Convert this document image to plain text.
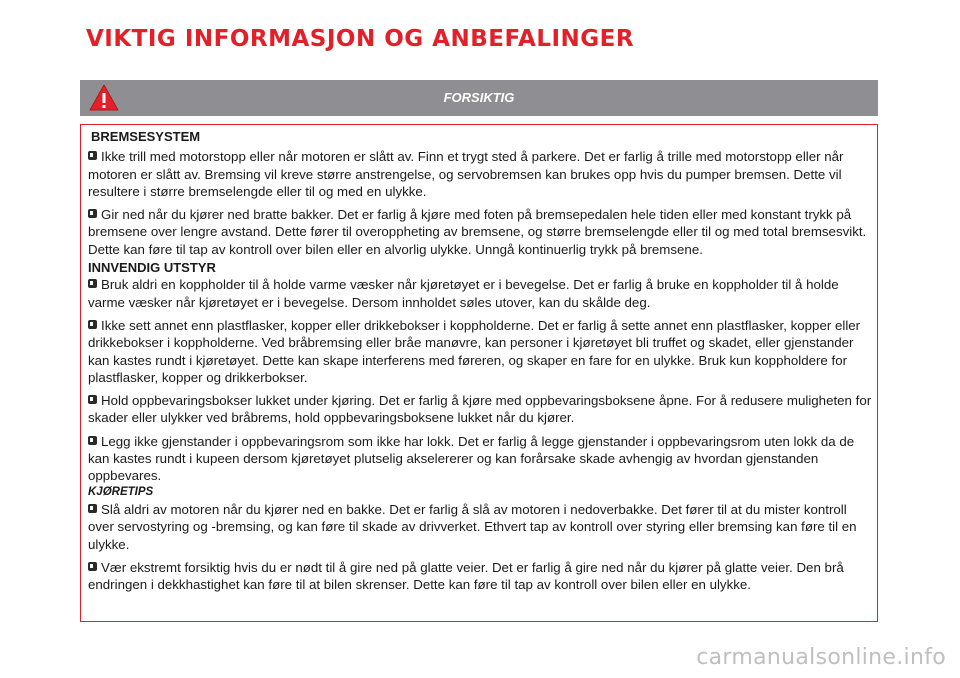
VIKTIG INFORMASJON OG ANBEFALINGER
FORSIKTIG

BREMSESYSTEM

Ikke trill med motorstopp eller når motoren er slått av. Finn et trygt sted å parkere. Det er farlig å trille med motorstopp eller når motoren er slått av. Bremsing vil kreve større anstrengelse, og servobremsen kan brukes opp hvis du pumper bremsen. Dette vil resultere i større bremselengde eller til og med en ulykke.

Gir ned når du kjører ned bratte bakker. Det er farlig å kjøre med foten på bremsepedalen hele tiden eller med konstant trykk på bremsene over lengre avstand. Dette fører til overoppheting av bremsene, og større bremselengde eller til og med total bremsesvikt. Dette kan føre til tap av kontroll over bilen eller en alvorlig ulykke. Unngå kontinuerlig trykk på bremsene.

INNVENDIG UTSTYR

Bruk aldri en koppholder til å holde varme væsker når kjøretøyet er i bevegelse. Det er farlig å bruke en koppholder til å holde varme væsker når kjøretøyet er i bevegelse. Dersom innholdet søles utover, kan du skålde deg.

Ikke sett annet enn plastflasker, kopper eller drikkebokser i koppholderne. Det er farlig å sette annet enn plastflasker, kopper eller drikkebokser i koppholderne. Ved bråbremsing eller bråe manøvre, kan personer i kjøretøyet bli truffet og skadet, eller gjenstander kan kastes rundt i kjøretøyet. Dette kan skape interferens med føreren, og skaper en fare for en ulykke. Bruk kun koppholdere for plastflasker, kopper og drikkerbokser.

Hold oppbevaringsbokser lukket under kjøring. Det er farlig å kjøre med oppbevaringsboksene åpne. For å redusere muligheten for skader eller ulykker ved bråbrems, hold oppbevaringsboksene lukket når du kjører.

Legg ikke gjenstander i oppbevaringsrom som ikke har lokk. Det er farlig å legge gjenstander i oppbevaringsrom uten lokk da de kan kastes rundt i kupeen dersom kjøretøyet plutselig akselererer og kan forårsake skade avhengig av hvordan gjenstanden oppbevares.

KJØRETIPS

Slå aldri av motoren når du kjører ned en bakke. Det er farlig å slå av motoren i nedoverbakke. Det fører til at du mister kontroll over servostyring og -bremsing, og kan føre til skade av drivverket. Ethvert tap av kontroll over styring eller bremsing kan føre til en ulykke.

Vær ekstremt forsiktig hvis du er nødt til å gire ned på glatte veier. Det er farlig å gire ned når du kjører på glatte veier. Den brå endringen i dekkhastighet kan føre til at bilen skrenser. Dette kan føre til tap av kontroll over bilen eller en ulykke.

carmanualsonline.info
